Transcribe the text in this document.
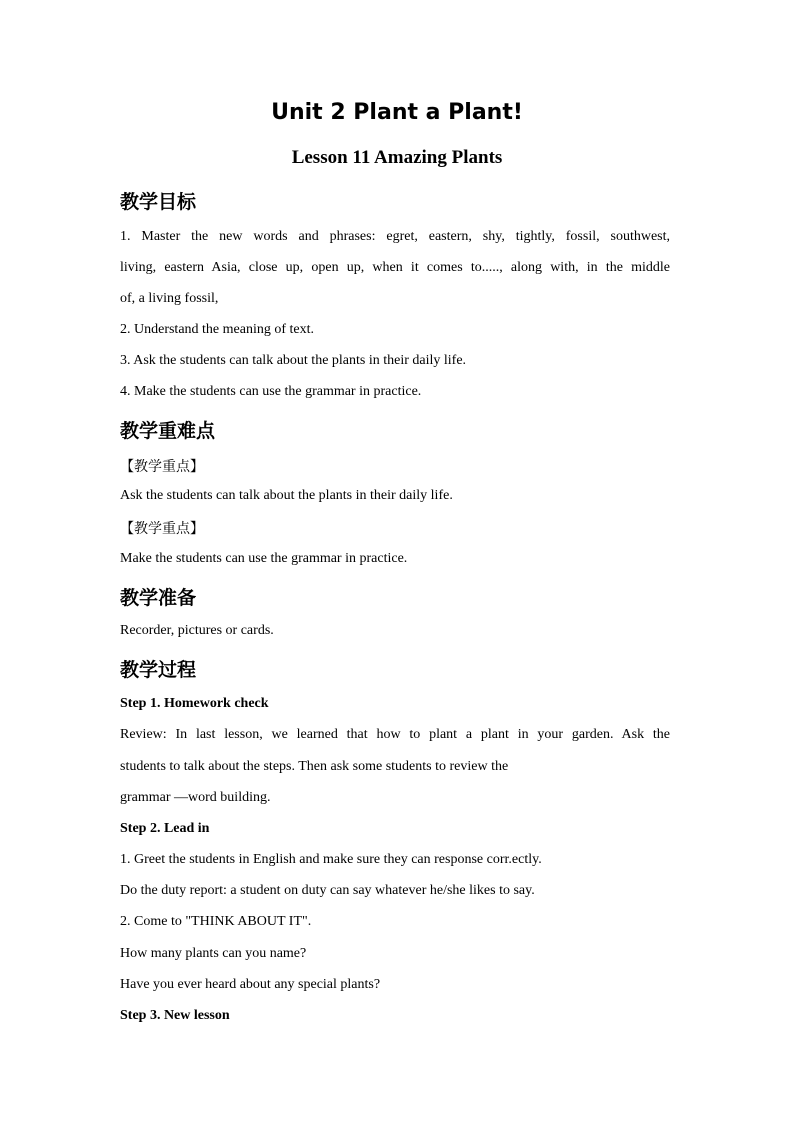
Unit 2 Plant a Plant!
Lesson 11 Amazing Plants
教学目标

1. Master the new words and phrases: egret, eastern, shy, tightly, fossil, southwest,

living, eastern Asia, close up, open up, when it comes to....., along with, in the middle

of, a living fossil,

2. Understand the meaning of text.

3. Ask the students can talk about the plants in their daily life.

4. Make the students can use the grammar in practice.

教学重难点

【教学重点】

Ask the students can talk about the plants in their daily life.

【教学重点】

Make the students can use the grammar in practice.

教学准备

Recorder, pictures or cards.

教学过程

Step 1. Homework check

Review: In last lesson, we learned that how to plant a plant in your garden. Ask the

students to talk about the steps. Then ask some students to review the

grammar —word building.

Step 2. Lead in

1. Greet the students in English and make sure they can response corr.ectly.

Do the duty report: a student on duty can say whatever he/she likes to say.

2. Come to "THINK ABOUT IT".

How many plants can you name?

Have you ever heard about any special plants?

Step 3. New lesson
